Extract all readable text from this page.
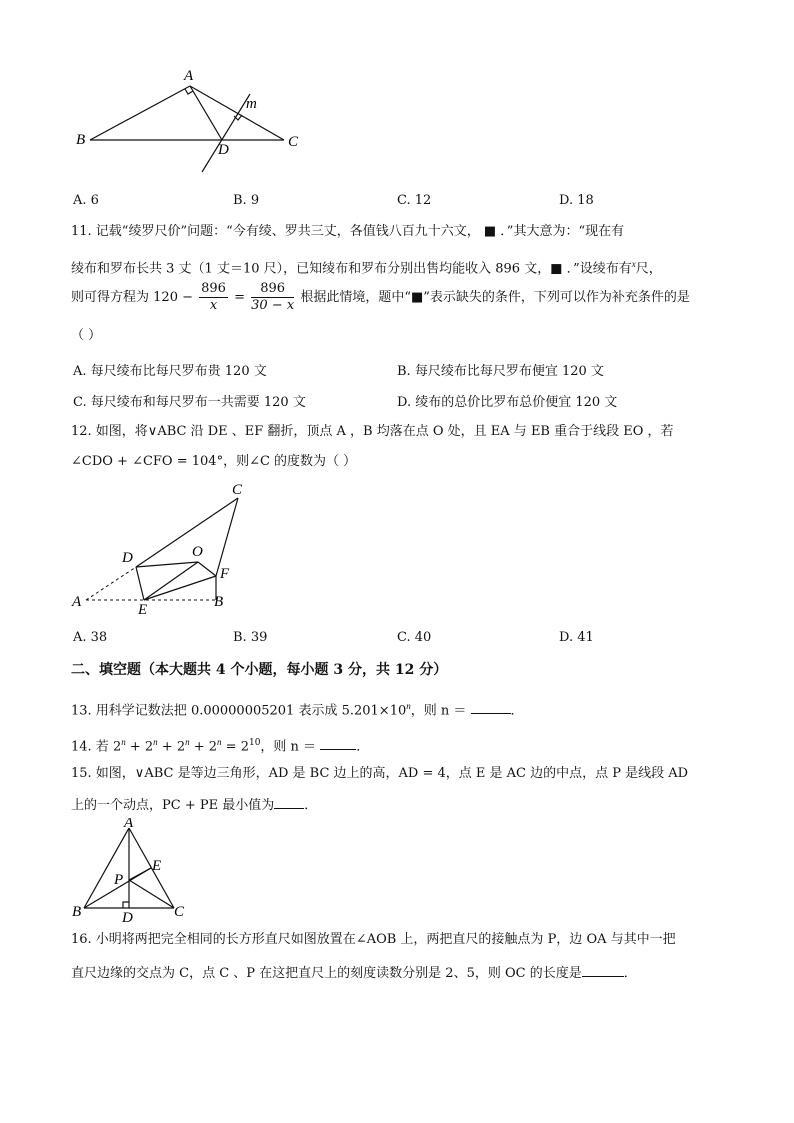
A
B	C
D
m
A. 6	B. 9	C. 12	D. 18
11. 记载“绫罗尺价”问题：“今有绫、罗共三丈，各值钱八百九十六文， ■ ．”其大意为：“现在有
绫布和罗布长共 3 丈（1 丈＝10 尺），已知绫布和罗布分别出售均能收入 896 文，■ ．”设绫布有$^x$尺，
则可得方程为 $120 - \frac{896}{x} = \frac{896}{30 - x}$ 根据此情境，题中“■”表示缺失的条件，下列可以作为补充条件的是
（ ）
A. 每尺绫布比每尺罗布贵 120 文	B. 每尺绫布比每尺罗布便宜 120 文
C. 每尺绫布和每尺罗布一共需要 120 文	D. 绫布的总价比罗布总价便宜 120 文
12. 如图，将∨ABC 沿 DE 、EF 翻折，顶点 A ，B 均落在点 O 处，且 EA 与 EB 重合于线段 EO ，若
∠CDO + ∠CFO = 104°，则∠C 的度数为（ ）
C
D	O
F
A	E	B
A. 38	B. 39	C. 40	D. 41
二、填空题（本大题共 4 个小题，每小题 3 分，共 12 分）
13. 用科学记数法把 0.00000005201 表示成 $5.201\times 10^n$，则 n ＝	．
14. 若 $2^n + 2^n + 2^n + 2^n = 2^{10}$，则 n ＝	．
15. 如图，∨ABC 是等边三角形，AD 是 BC 边上的高，AD = 4，点 E 是 AC 边的中点，点 P 是线段 AD
上的一个动点，PC + PE 最小值为 ．
A
E
P
B	D	C
16. 小明将两把完全相同的长方形直尺如图放置在∠AOB 上，两把直尺的接触点为 P，边 OA 与其中一把
直尺边缘的交点为 C，点 C 、P 在这把直尺上的刻度读数分别是 2、5，则 OC 的长度是	．
